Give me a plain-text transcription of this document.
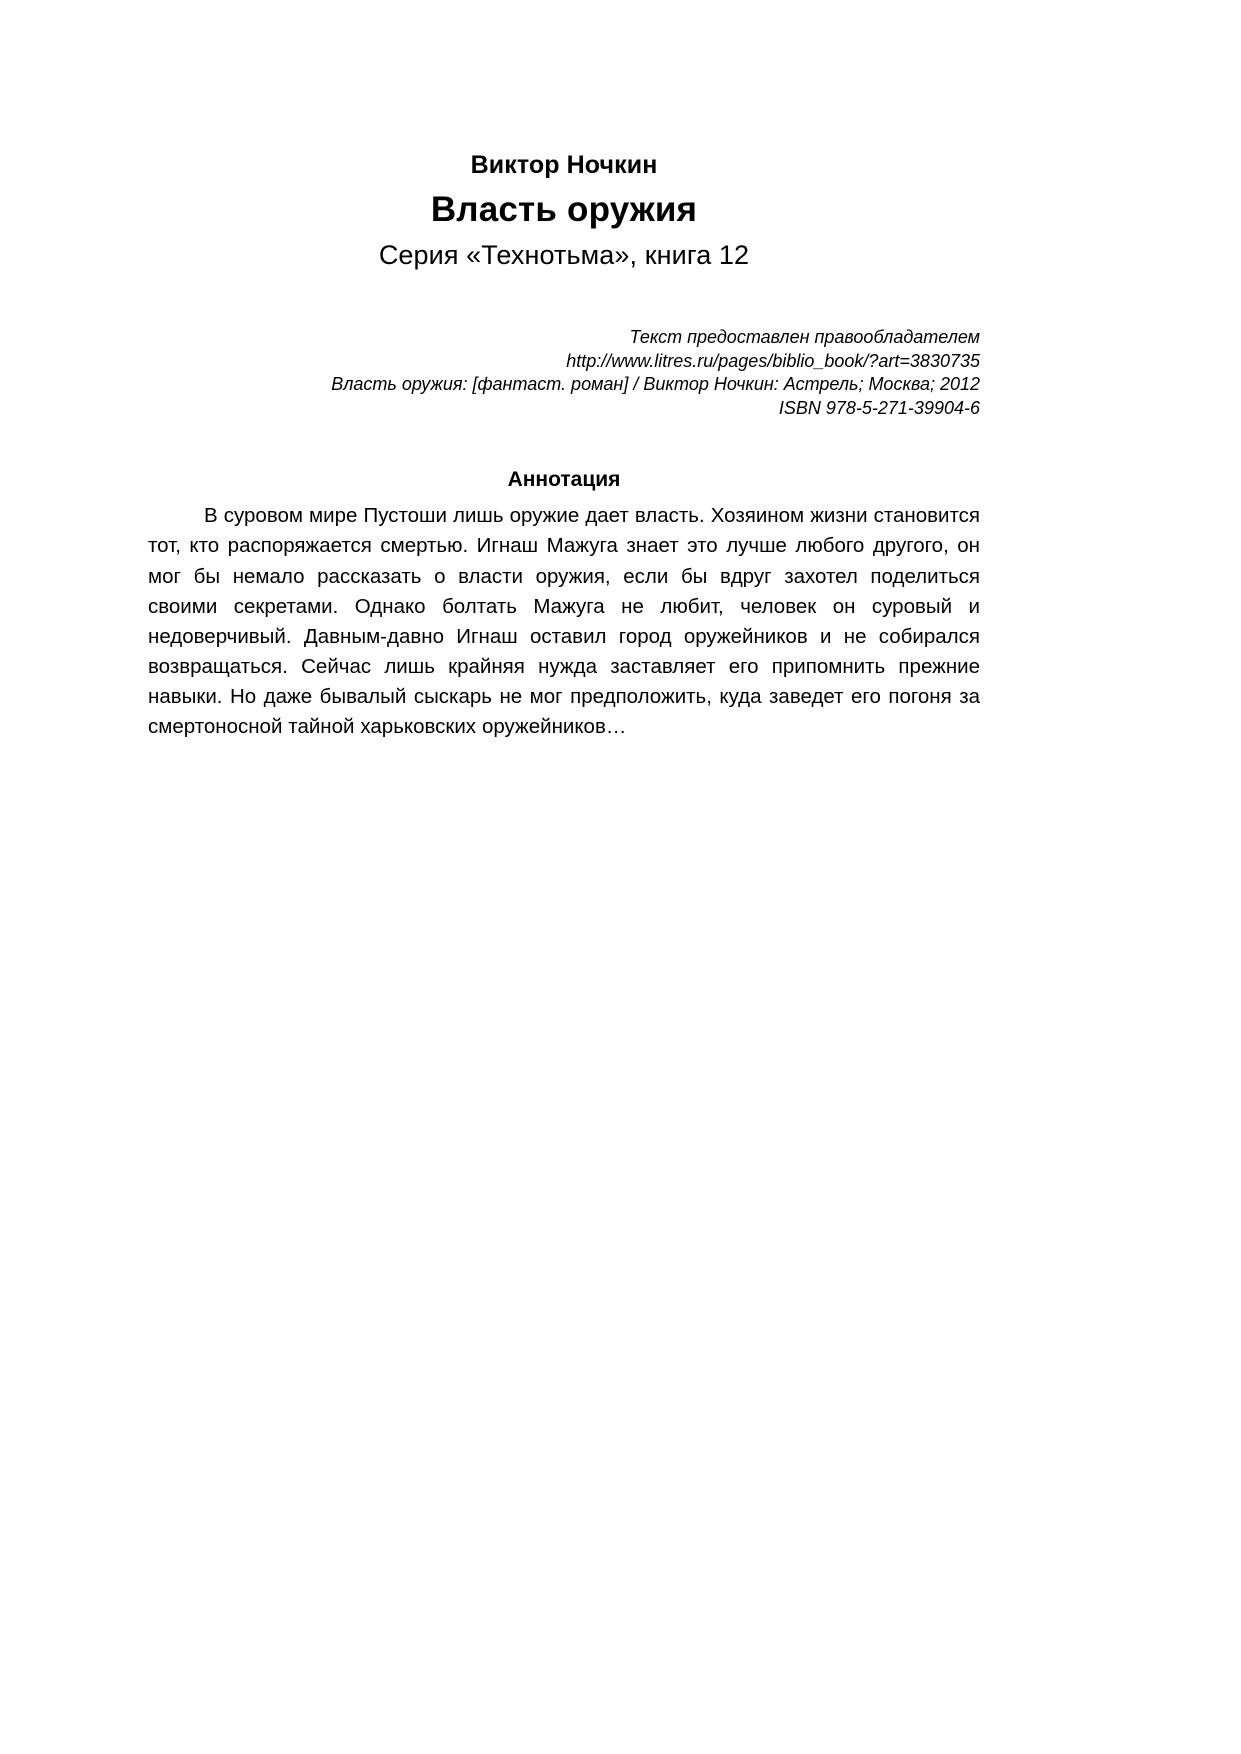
Виктор Ночкин

Власть оружия

Серия «Технотьма», книга 12

Текст предоставлен правообладателем

http://www.litres.ru/pages/biblio_book/?art=3830735

Власть оружия: [фантаст. роман] / Виктор Ночкин: Астрель; Москва; 2012

ISBN 978-5-271-39904-6

Аннотация

В суровом мире Пустоши лишь оружие дает власть. Хозяином жизни становится тот, кто распоряжается смертью. Игнаш Мажуга знает это лучше любого другого, он мог бы немало рассказать о власти оружия, если бы вдруг захотел поделиться своими секретами. Однако болтать Мажуга не любит, человек он суровый и недоверчивый. Давным-давно Игнаш оставил город оружейников и не собирался возвращаться. Сейчас лишь крайняя нужда заставляет его припомнить прежние навыки. Но даже бывалый сыскарь не мог предположить, куда заведет его погоня за смертоносной тайной харьковских оружейников…
